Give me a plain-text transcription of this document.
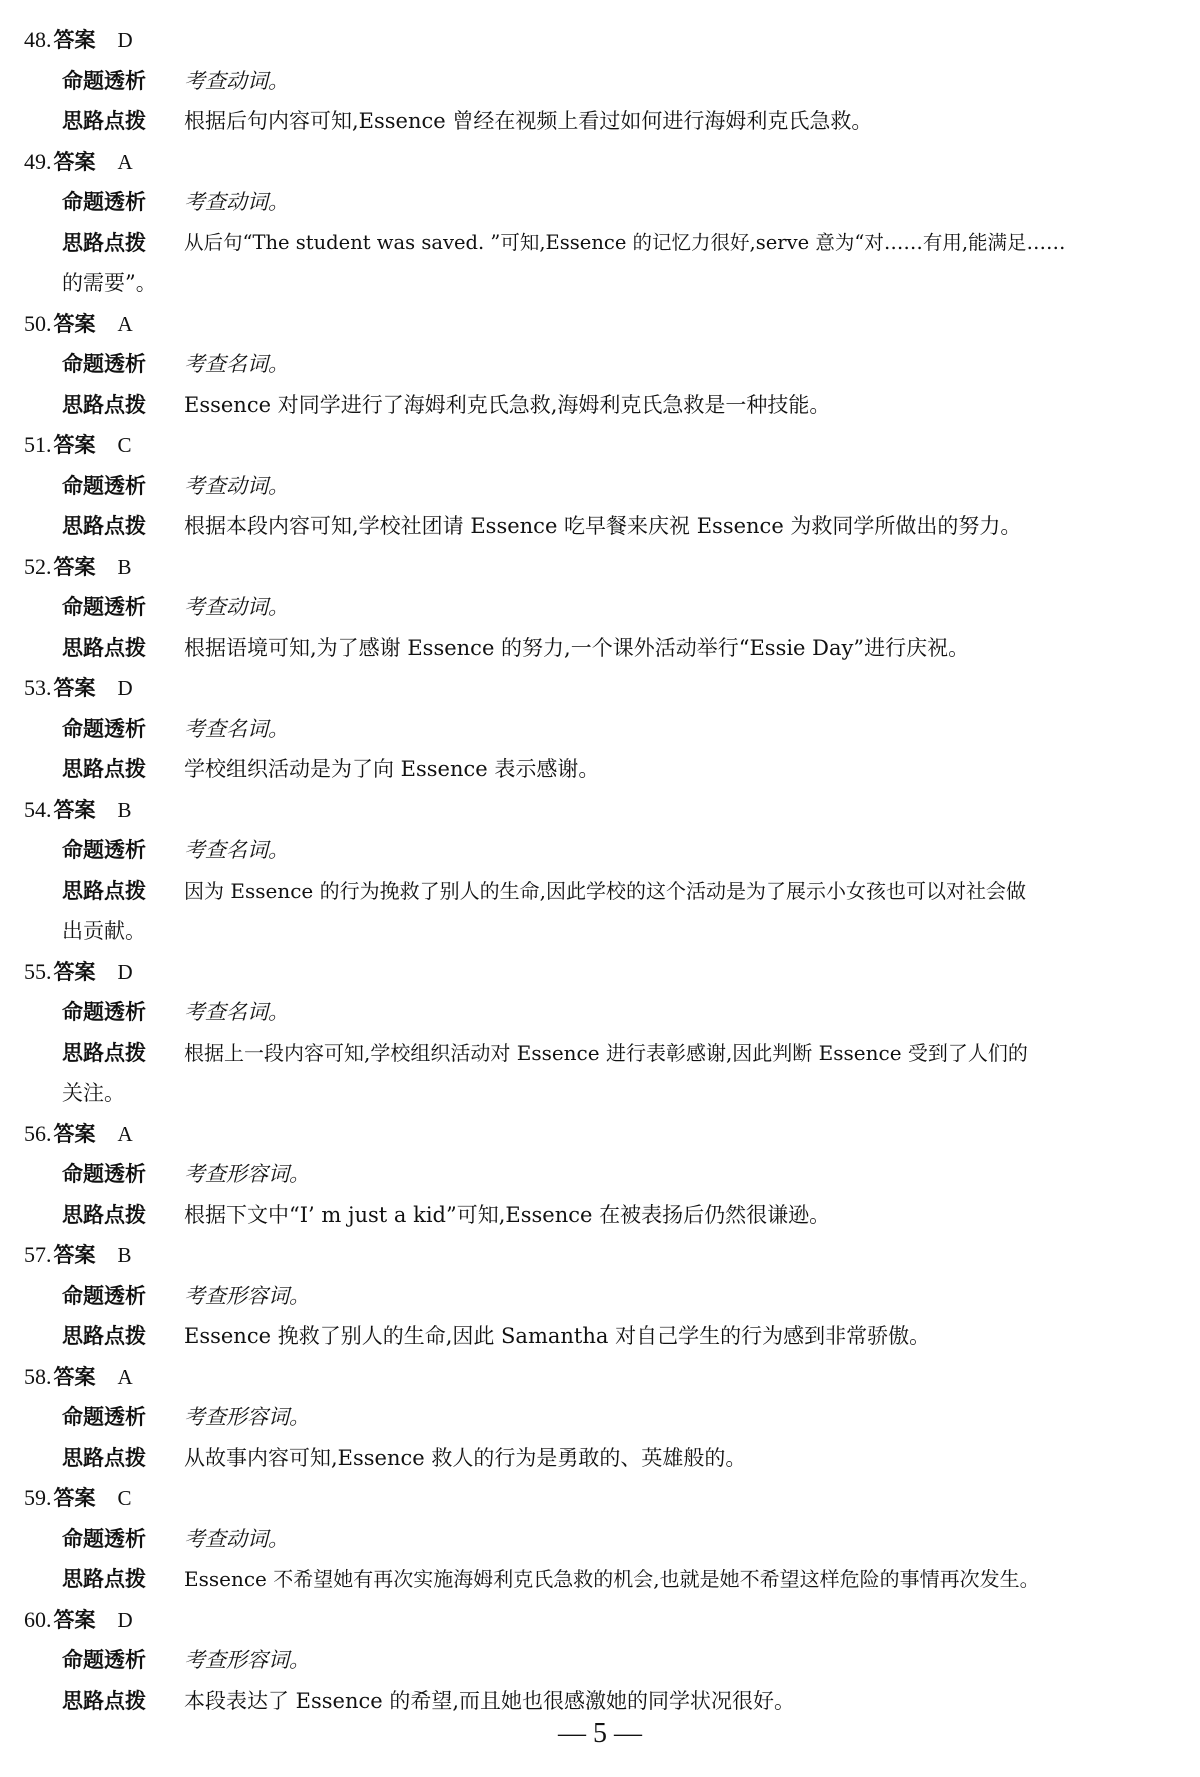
48.答案 D
命题透析	考查动词。
思路点拨	根据后句内容可知,Essence 曾经在视频上看过如何进行海姆利克氏急救。
49.答案 A
命题透析	考查动词。
思路点拨	从后句“The student was saved. ”可知,Essence 的记忆力很好,serve 意为“对……有用,能满足……
的需要”。
50.答案 A
命题透析	考查名词。
思路点拨	Essence 对同学进行了海姆利克氏急救,海姆利克氏急救是一种技能。
51.答案 C
命题透析	考查动词。
思路点拨	根据本段内容可知,学校社团请 Essence 吃早餐来庆祝 Essence 为救同学所做出的努力。
52.答案 B
命题透析	考查动词。
思路点拨	根据语境可知,为了感谢 Essence 的努力,一个课外活动举行“Essie Day”进行庆祝。
53.答案 D
命题透析	考查名词。
思路点拨	学校组织活动是为了向 Essence 表示感谢。
54.答案 B
命题透析	考查名词。
思路点拨	因为 Essence 的行为挽救了别人的生命,因此学校的这个活动是为了展示小女孩也可以对社会做
出贡献。
55.答案 D
命题透析	考查名词。
思路点拨	根据上一段内容可知,学校组织活动对 Essence 进行表彰感谢,因此判断 Essence 受到了人们的
关注。
56.答案 A
命题透析	考查形容词。
思路点拨	根据下文中“I’ m just a kid”可知,Essence 在被表扬后仍然很谦逊。
57.答案 B
命题透析	考查形容词。
思路点拨	Essence 挽救了别人的生命,因此 Samantha 对自己学生的行为感到非常骄傲。
58.答案 A
命题透析	考查形容词。
思路点拨	从故事内容可知,Essence 救人的行为是勇敢的、英雄般的。
59.答案 C
命题透析	考查动词。
思路点拨	Essence 不希望她有再次实施海姆利克氏急救的机会,也就是她不希望这样危险的事情再次发生。
60.答案 D
命题透析	考查形容词。
思路点拨	本段表达了 Essence 的希望,而且她也很感激她的同学状况很好。
— 5 —
